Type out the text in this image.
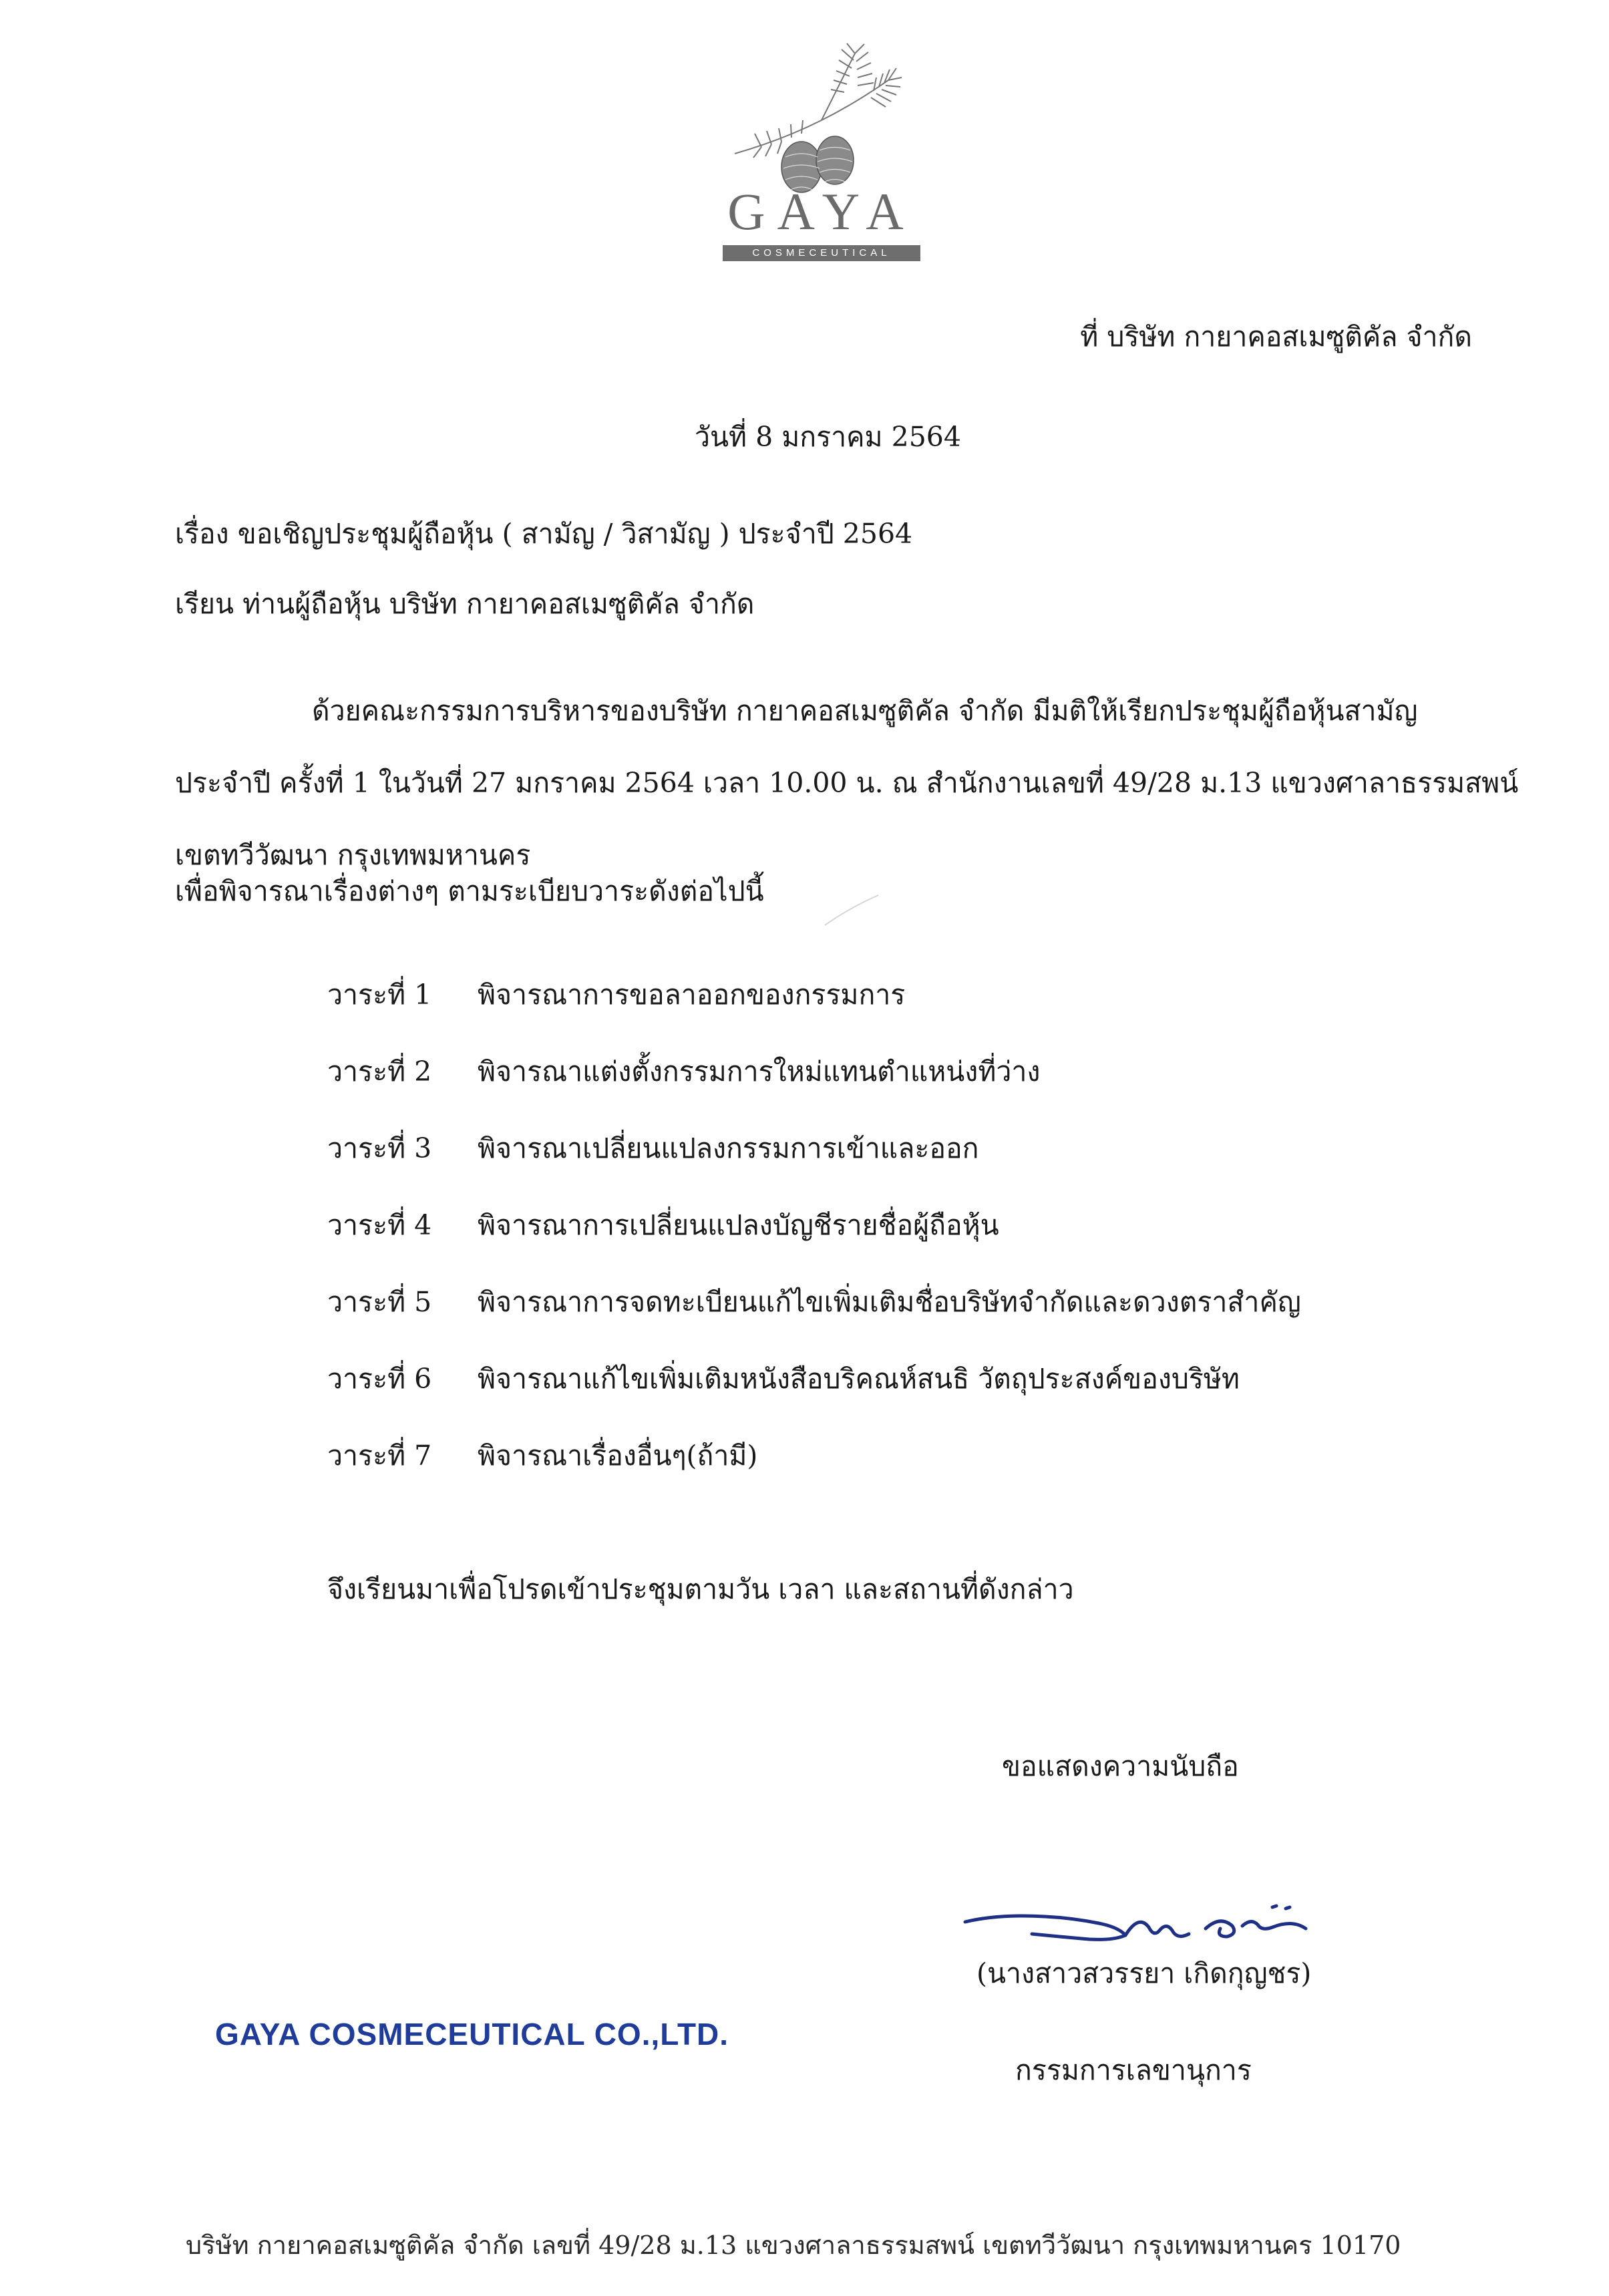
GAYA
COSMECEUTICAL
ที่ บริษัท กายาคอสเมซูติคัล จำกัด
วันที่ 8 มกราคม 2564
เรื่อง ขอเชิญประชุมผู้ถือหุ้น ( สามัญ / วิสามัญ ) ประจำปี 2564
เรียน ท่านผู้ถือหุ้น บริษัท กายาคอสเมซูติคัล จำกัด
ด้วยคณะกรรมการบริหารของบริษัท กายาคอสเมซูติคัล จำกัด มีมติให้เรียกประชุมผู้ถือหุ้นสามัญ
ประจำปี ครั้งที่ 1 ในวันที่ 27 มกราคม 2564 เวลา 10.00 น. ณ สำนักงานเลขที่ 49/28 ม.13 แขวงศาลาธรรมสพน์
เขตทวีวัฒนา กรุงเทพมหานคร
เพื่อพิจารณาเรื่องต่างๆ ตามระเบียบวาระดังต่อไปนี้
วาระที่ 1 พิจารณาการขอลาออกของกรรมการ
วาระที่ 2 พิจารณาแต่งตั้งกรรมการใหม่แทนตำแหน่งที่ว่าง
วาระที่ 3 พิจารณาเปลี่ยนแปลงกรรมการเข้าและออก
วาระที่ 4 พิจารณาการเปลี่ยนแปลงบัญชีรายชื่อผู้ถือหุ้น
วาระที่ 5 พิจารณาการจดทะเบียนแก้ไขเพิ่มเติมชื่อบริษัทจำกัดและดวงตราสำคัญ
วาระที่ 6 พิจารณาแก้ไขเพิ่มเติมหนังสือบริคณห์สนธิ วัตถุประสงค์ของบริษัท
วาระที่ 7 พิจารณาเรื่องอื่นๆ(ถ้ามี)
จึงเรียนมาเพื่อโปรดเข้าประชุมตามวัน เวลา และสถานที่ดังกล่าว
ขอแสดงความนับถือ
(นางสาวสวรรยา เกิดกุญชร)
กรรมการเลขานุการ
GAYA COSMECEUTICAL CO.,LTD.
บริษัท กายาคอสเมซูติคัล จำกัด เลขที่ 49/28 ม.13 แขวงศาลาธรรมสพน์ เขตทวีวัฒนา กรุงเทพมหานคร 10170
